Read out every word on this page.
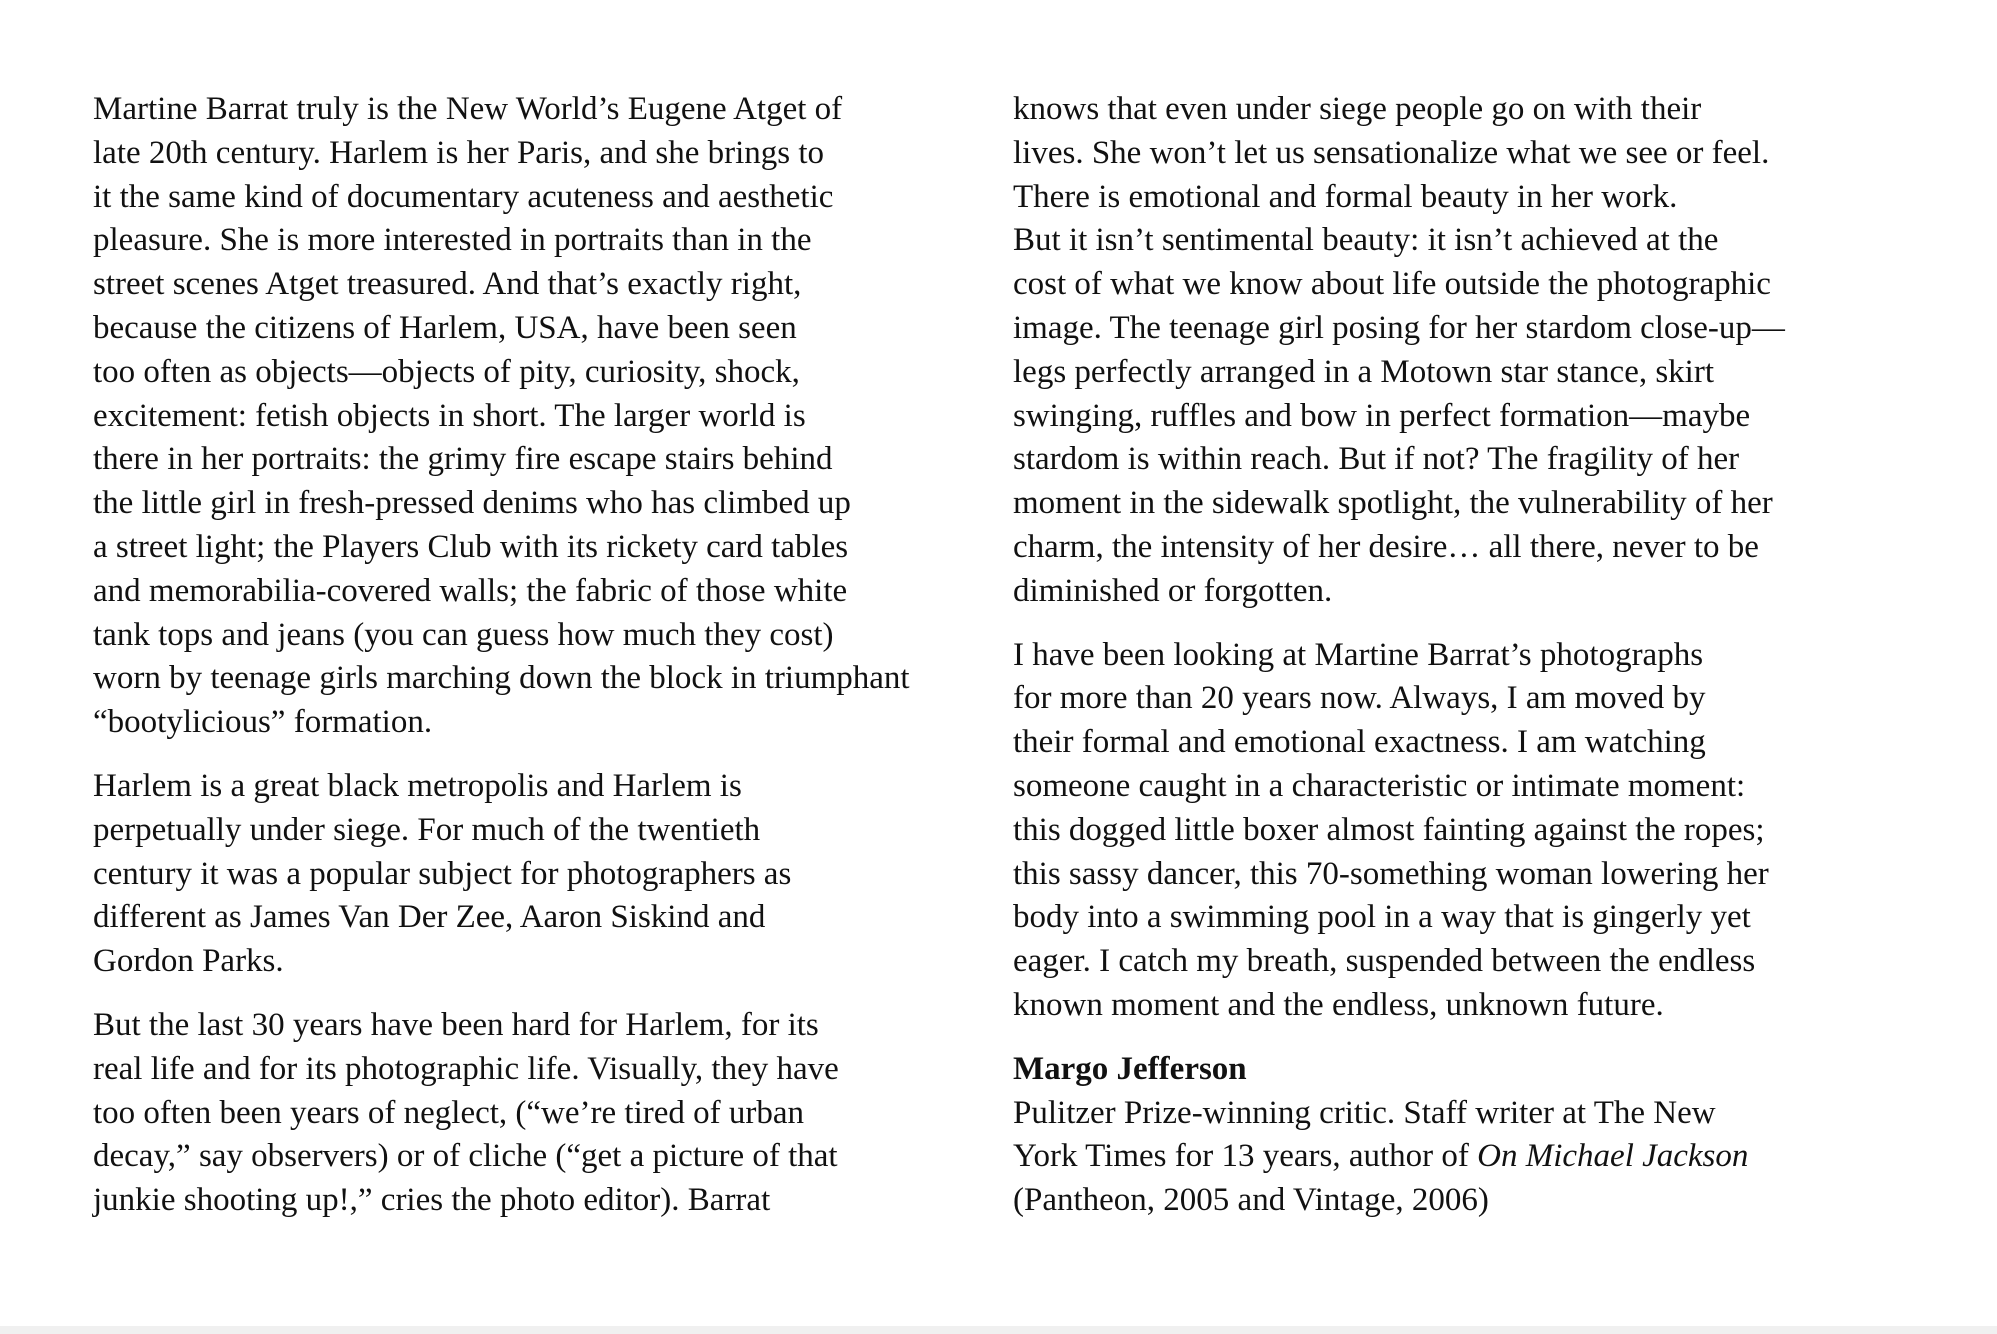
Martine Barrat truly is the New World’s Eugene Atget of
late 20th century. Harlem is her Paris, and she brings to
it the same kind of documentary acuteness and aesthetic
pleasure. She is more interested in portraits than in the
street scenes Atget treasured. And that’s exactly right,
because the citizens of Harlem, USA, have been seen
too often as objects—objects of pity, curiosity, shock,
excitement: fetish objects in short. The larger world is
there in her portraits: the grimy fire escape stairs behind
the little girl in fresh-pressed denims who has climbed up
a street light; the Players Club with its rickety card tables
and memorabilia-covered walls; the fabric of those white
tank tops and jeans (you can guess how much they cost)
worn by teenage girls marching down the block in triumphant
“bootylicious” formation.

Harlem is a great black metropolis and Harlem is
perpetually under siege. For much of the twentieth
century it was a popular subject for photographers as
different as James Van Der Zee, Aaron Siskind and
Gordon Parks.

But the last 30 years have been hard for Harlem, for its
real life and for its photographic life. Visually, they have
too often been years of neglect, (“we’re tired of urban
decay,” say observers) or of cliche (“get a picture of that
junkie shooting up!,” cries the photo editor). Barrat

knows that even under siege people go on with their
lives. She won’t let us sensationalize what we see or feel.
There is emotional and formal beauty in her work.
But it isn’t sentimental beauty: it isn’t achieved at the
cost of what we know about life outside the photographic
image. The teenage girl posing for her stardom close-up—
legs perfectly arranged in a Motown star stance, skirt
swinging, ruffles and bow in perfect formation—maybe
stardom is within reach. But if not? The fragility of her
moment in the sidewalk spotlight, the vulnerability of her
charm, the intensity of her desire… all there, never to be
diminished or forgotten.

I have been looking at Martine Barrat’s photographs
for more than 20 years now. Always, I am moved by
their formal and emotional exactness. I am watching
someone caught in a characteristic or intimate moment:
this dogged little boxer almost fainting against the ropes;
this sassy dancer, this 70-something woman lowering her
body into a swimming pool in a way that is gingerly yet
eager. I catch my breath, suspended between the endless
known moment and the endless, unknown future.

Margo Jefferson

Pulitzer Prize-winning critic. Staff writer at The New
York Times for 13 years, author of On Michael Jackson
(Pantheon, 2005 and Vintage, 2006)
